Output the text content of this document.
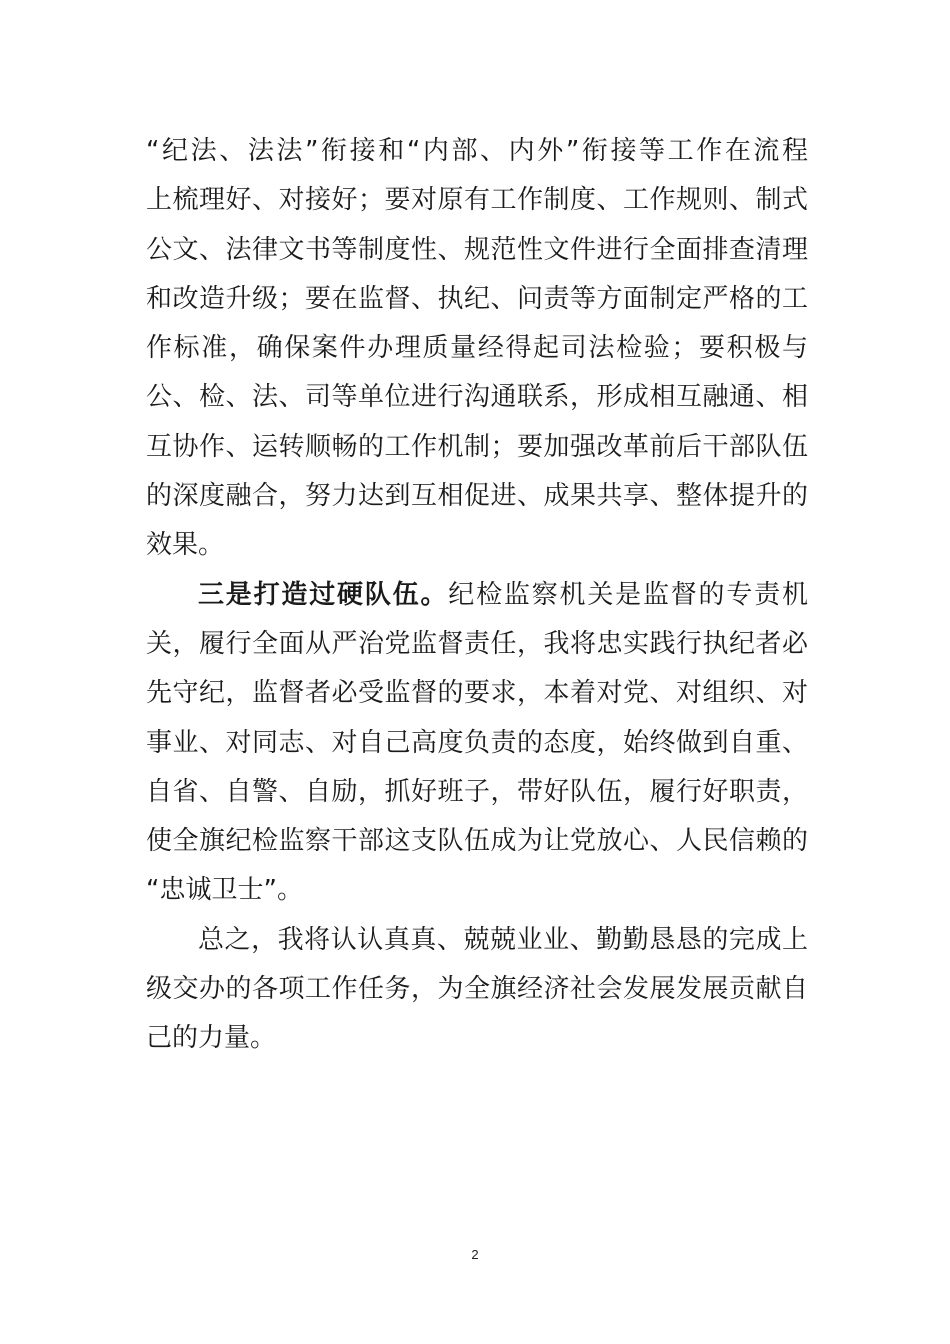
“纪法、法法”衔接和“内部、内外”衔接等工作在流程
上梳理好、对接好；要对原有工作制度、工作规则、制式
公文、法律文书等制度性、规范性文件进行全面排查清理
和改造升级；要在监督、执纪、问责等方面制定严格的工
作标准，确保案件办理质量经得起司法检验；要积极与
公、检、法、司等单位进行沟通联系，形成相互融通、相
互协作、运转顺畅的工作机制；要加强改革前后干部队伍
的深度融合，努力达到互相促进、成果共享、整体提升的
效果。
三是打造过硬队伍。纪检监察机关是监督的专责机
关，履行全面从严治党监督责任，我将忠实践行执纪者必
先守纪，监督者必受监督的要求，本着对党、对组织、对
事业、对同志、对自己高度负责的态度，始终做到自重、
自省、自警、自励，抓好班子，带好队伍，履行好职责，
使全旗纪检监察干部这支队伍成为让党放心、人民信赖的
“忠诚卫士”。
总之，我将认认真真、兢兢业业、勤勤恳恳的完成上
级交办的各项工作任务，为全旗经济社会发展发展贡献自
己的力量。
2
